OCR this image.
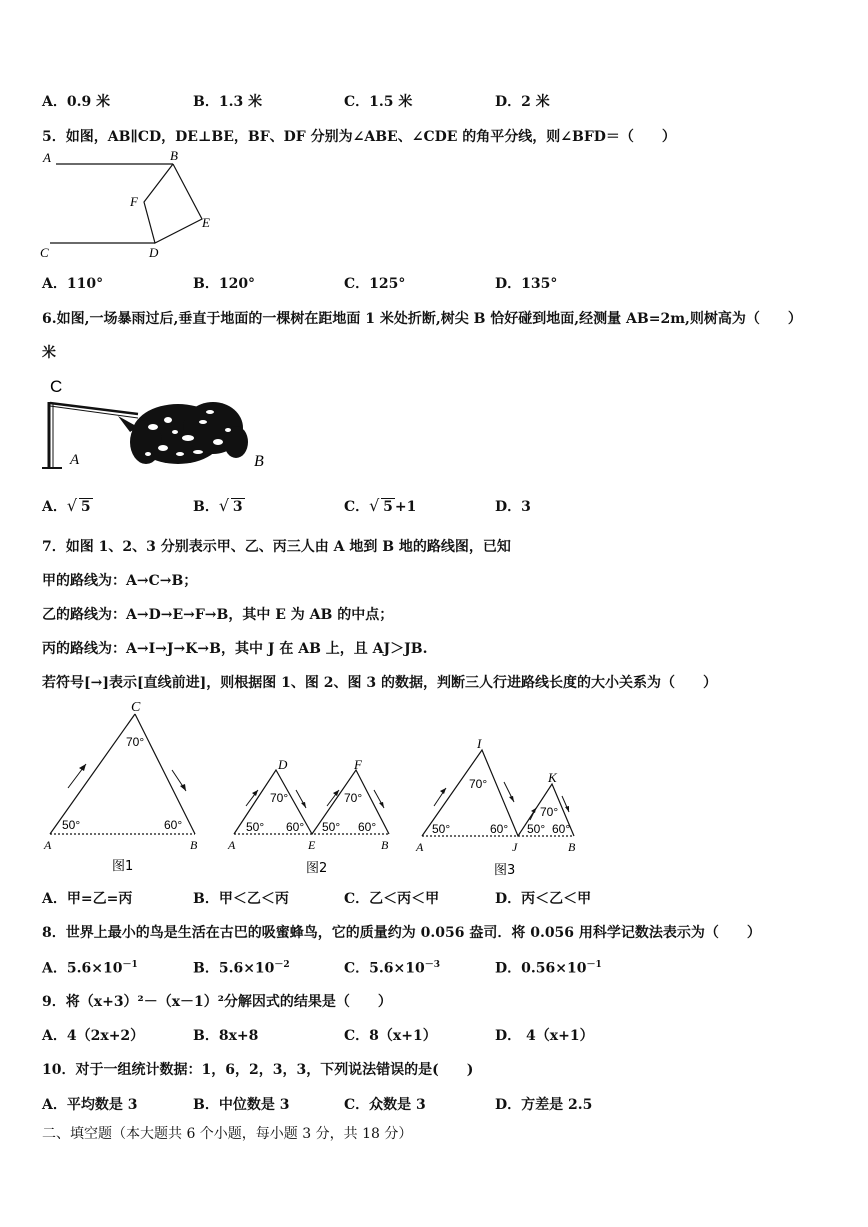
A．0.9 米	B．1.3 米	C．1.5 米	D．2 米
5．如图，AB∥CD，DE⊥BE，BF、DF 分别为∠ABE、∠CDE 的角平分线，则∠BFD＝（　　）
A	B
C	D
E
F
A．110°	B．120°	C．125°	D．135°
6.如图,一场暴雨过后,垂直于地面的一棵树在距地面 1 米处折断,树尖 B 恰好碰到地面,经测量 AB=2m,则树高为（　　）
米
C
A	B
A． √ 5	B． √ 3	C． √ 5 +1	D．3
7．如图 1、2、3 分别表示甲、乙、丙三人由 A 地到 B 地的路线图，已知
甲的路线为：A→C→B；
乙的路线为：A→D→E→F→B，其中 E 为 AB 的中点；
丙的路线为：A→I→J→K→B，其中 J 在 AB 上，且 AJ＞JB.
若符号[→]表示[直线前进]，则根据图 1、图 2、图 3 的数据，判断三人行进路线长度的大小关系为（　　）
C
A	B
70°
50°	60°
图1
D	F
A	E	B
70°	70°
50° 60° 50° 60°
图2
I
K
A	J	B
70°
70°
50°	60° 50° 60°
图3
A．甲=乙=丙	B．甲＜乙＜丙	C．乙＜丙＜甲	D．丙＜乙＜甲
8．世界上最小的鸟是生活在古巴的吸蜜蜂鸟，它的质量约为 0.056 盎司．将 0.056 用科学记数法表示为（　　）
A．$5.6\times 10^{-1}$	B．$5.6\times 10^{-2}$	C．$5.6\times 10^{-3}$	D．$0.56\times 10^{-1}$
9．将（x+3）²－（x－1）²分解因式的结果是（　　）
A．4（2x+2）	B．8x+8	C．8（x+1）	D． 4（x+1）
10．对于一组统计数据：1，6，2，3，3，下列说法错误的是(　　)
A．平均数是 3	B．中位数是 3	C．众数是 3	D．方差是 2.5
二、填空题（本大题共 6 个小题，每小题 3 分，共 18 分）
